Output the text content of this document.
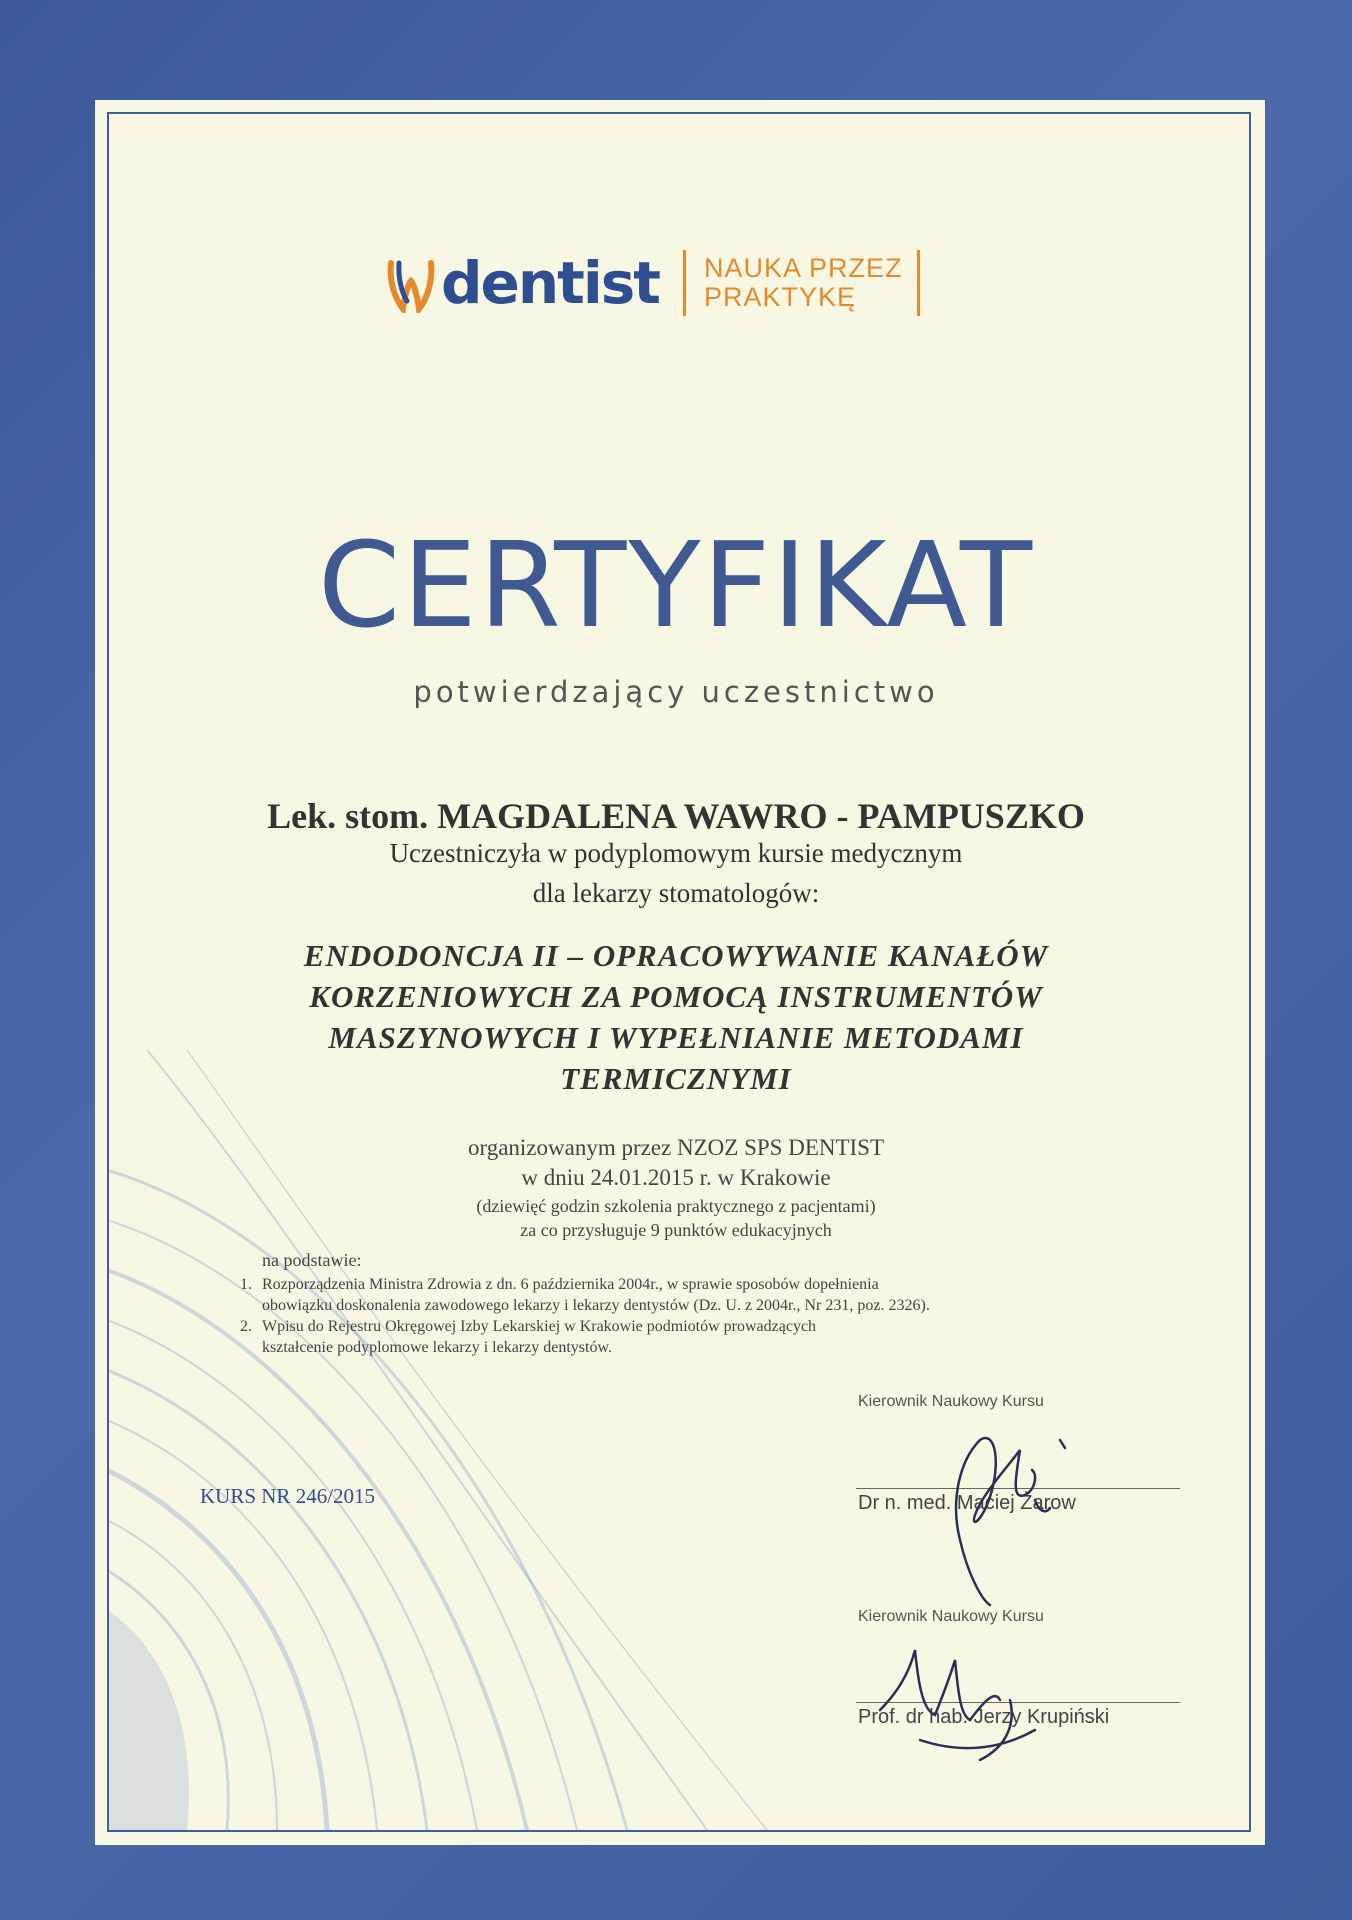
dentist NAUKA PRZEZ
PRAKTYKĘ
CERTYFIKAT
potwierdzający uczestnictwo
Lek. stom. MAGDALENA WAWRO - PAMPUSZKO
Uczestniczyła w podyplomowym kursie medycznym
dla lekarzy stomatologów:
ENDODONCJA II – OPRACOWYWANIE KANAŁÓW
KORZENIOWYCH ZA POMOCĄ INSTRUMENTÓW
MASZYNOWYCH I WYPEŁNIANIE METODAMI
TERMICZNYMI
organizowanym przez NZOZ SPS DENTIST
w dniu 24.01.2015 r. w Krakowie
(dziewięć godzin szkolenia praktycznego z pacjentami)
za co przysługuje 9 punktów edukacyjnych
na podstawie:
1. Rozporządzenia Ministra Zdrowia z dn. 6 października 2004r., w sprawie sposobów dopełnienia
obowiązku doskonalenia zawodowego lekarzy i lekarzy dentystów (Dz. U. z 2004r., Nr 231, poz. 2326).
2. Wpisu do Rejestru Okręgowej Izby Lekarskiej w Krakowie podmiotów prowadzących
kształcenie podyplomowe lekarzy i lekarzy dentystów.
KURS NR 246/2015
Kierownik Naukowy Kursu
Dr n. med. Maciej Żarow
Kierownik Naukowy Kursu
Prof. dr hab. Jerzy Krupiński
